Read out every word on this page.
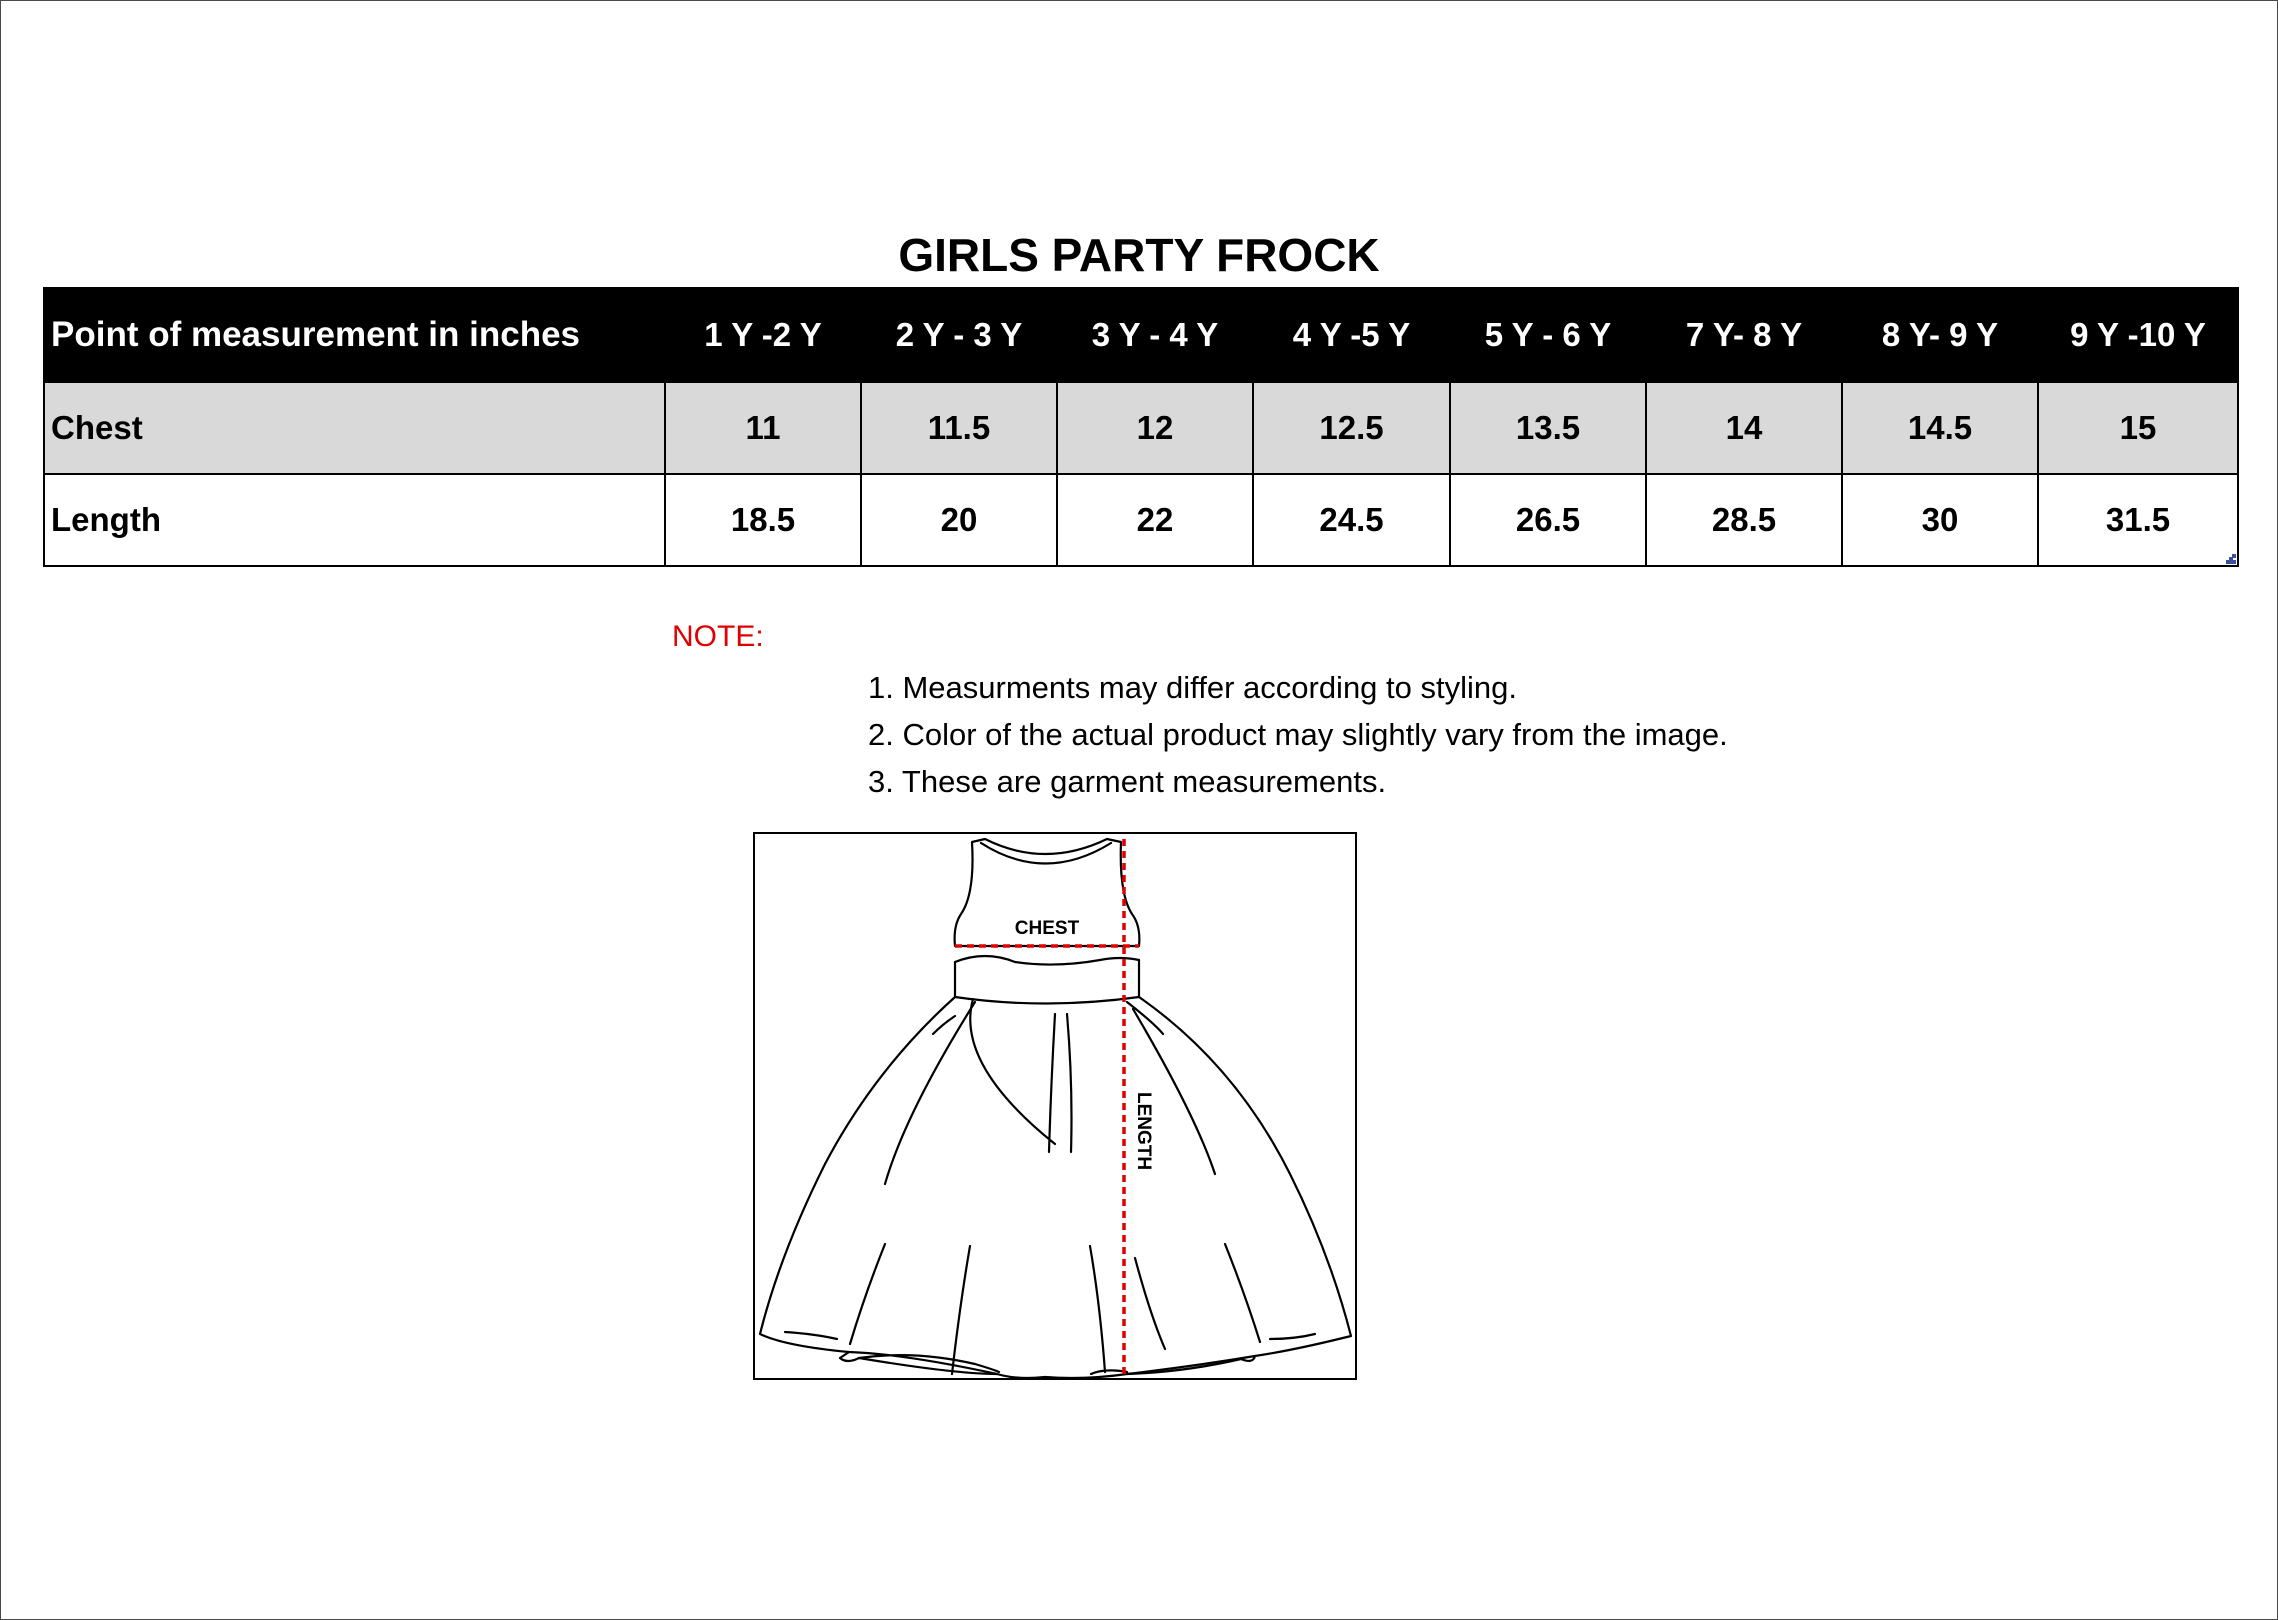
GIRLS PARTY FROCK
Point of measurement in inches	1 Y -2 Y	2 Y - 3 Y	3 Y - 4 Y	4 Y -5 Y	5 Y - 6 Y	7 Y- 8 Y	8 Y- 9 Y	9 Y -10 Y
Chest	11	11.5	12	12.5	13.5	14	14.5	15
Length	18.5	20	22	24.5	26.5	28.5	30	31.5
NOTE:
1. Measurments may differ according to styling.
2. Color of the actual product may slightly vary from the image.
3. These are garment measurements.
CHEST
LENGTH
